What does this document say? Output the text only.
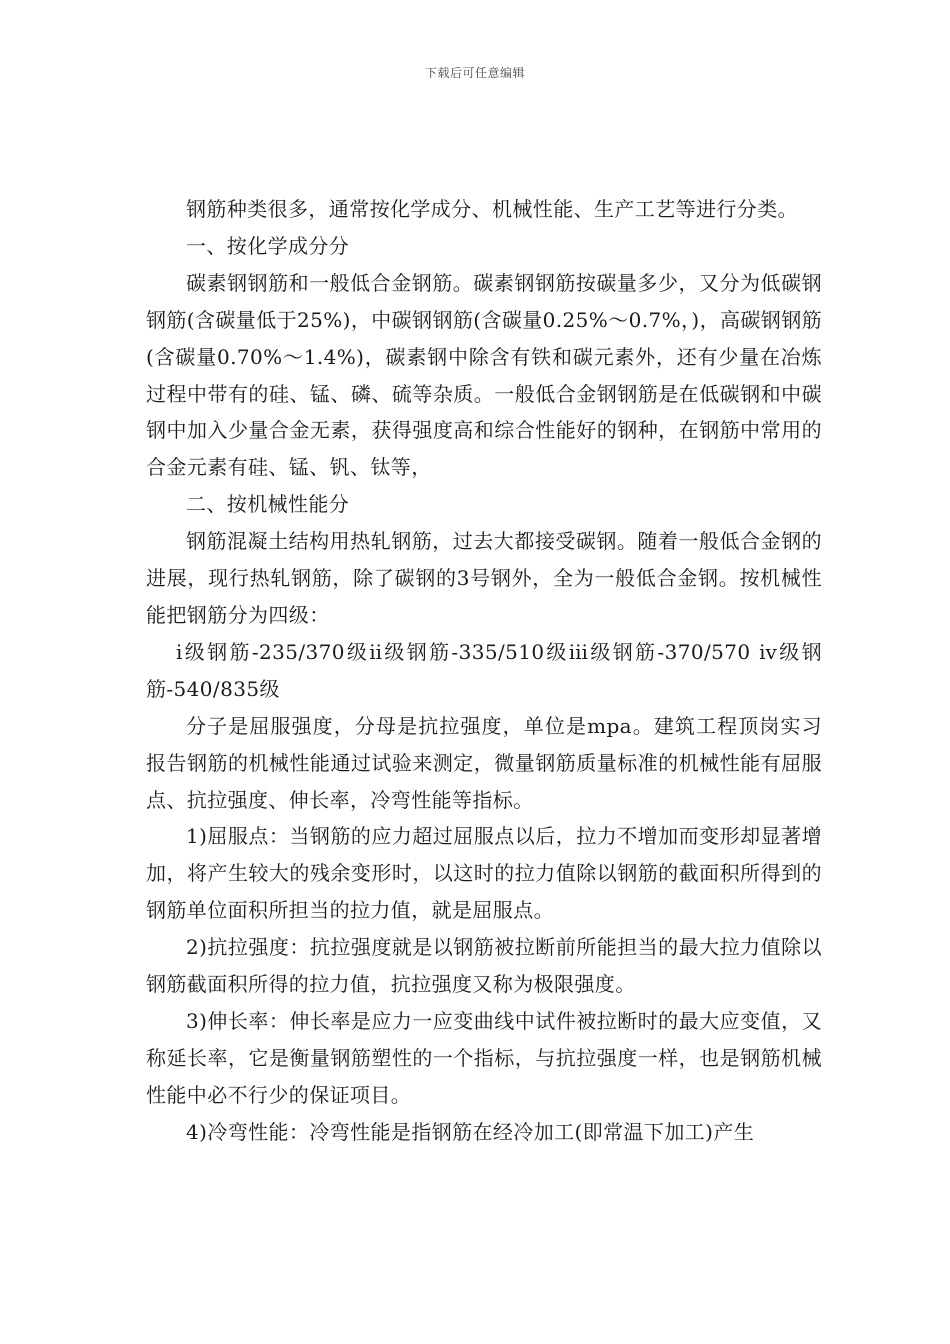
下载后可任意编辑

钢筋种类很多，通常按化学成分、机械性能、生产工艺等进行分类。

一、按化学成分分

碳素钢钢筋和一般低合金钢筋。碳素钢钢筋按碳量多少，又分为低碳钢钢筋(含碳量低于25%)，中碳钢钢筋(含碳量0.25%～0.7%，)，高碳钢钢筋(含碳量0.70%～1.4%)，碳素钢中除含有铁和碳元素外，还有少量在冶炼过程中带有的硅、锰、磷、硫等杂质。一般低合金钢钢筋是在低碳钢和中碳钢中加入少量合金无素，获得强度高和综合性能好的钢种，在钢筋中常用的合金元素有硅、锰、钒、钛等，

二、按机械性能分

钢筋混凝土结构用热轧钢筋，过去大都接受碳钢。随着一般低合金钢的进展，现行热轧钢筋，除了碳钢的3号钢外，全为一般低合金钢。按机械性能把钢筋分为四级：

ⅰ级钢筋-235/370级ⅱ级钢筋-335/510级ⅲ级钢筋-370/570 ⅳ级钢筋-540/835级

分子是屈服强度，分母是抗拉强度，单位是mpa。建筑工程顶岗实习报告钢筋的机械性能通过试验来测定，微量钢筋质量标准的机械性能有屈服点、抗拉强度、伸长率，冷弯性能等指标。

1)屈服点：当钢筋的应力超过屈服点以后，拉力不增加而变形却显著增加，将产生较大的残余变形时，以这时的拉力值除以钢筋的截面积所得到的钢筋单位面积所担当的拉力值，就是屈服点。

2)抗拉强度：抗拉强度就是以钢筋被拉断前所能担当的最大拉力值除以钢筋截面积所得的拉力值，抗拉强度又称为极限强度。

3)伸长率：伸长率是应力一应变曲线中试件被拉断时的最大应变值，又称延长率，它是衡量钢筋塑性的一个指标，与抗拉强度一样，也是钢筋机械性能中必不行少的保证项目。

4)冷弯性能：冷弯性能是指钢筋在经冷加工(即常温下加工)产生
